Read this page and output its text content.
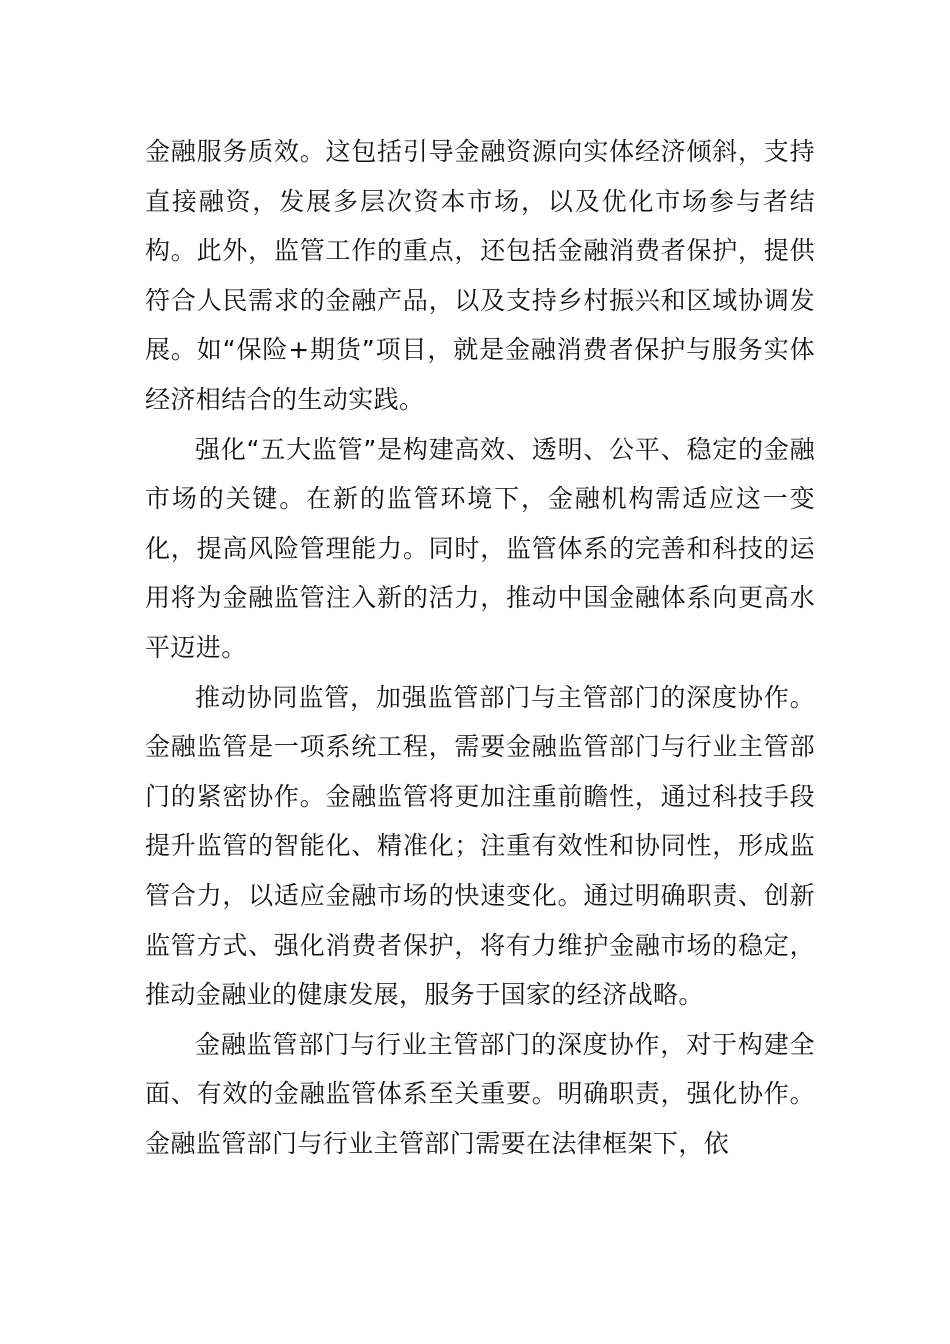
金融服务质效。这包括引导金融资源向实体经济倾斜，支持直接融资，发展多层次资本市场，以及优化市场参与者结构。此外，监管工作的重点，还包括金融消费者保护，提供符合人民需求的金融产品，以及支持乡村振兴和区域协调发展。如“保险+期货”项目，就是金融消费者保护与服务实体经济相结合的生动实践。

强化“五大监管”是构建高效、透明、公平、稳定的金融市场的关键。在新的监管环境下，金融机构需适应这一变化，提高风险管理能力。同时，监管体系的完善和科技的运用将为金融监管注入新的活力，推动中国金融体系向更高水平迈进。

推动协同监管，加强监管部门与主管部门的深度协作。金融监管是一项系统工程，需要金融监管部门与行业主管部门的紧密协作。金融监管将更加注重前瞻性，通过科技手段提升监管的智能化、精准化；注重有效性和协同性，形成监管合力，以适应金融市场的快速变化。通过明确职责、创新监管方式、强化消费者保护，将有力维护金融市场的稳定，推动金融业的健康发展，服务于国家的经济战略。

金融监管部门与行业主管部门的深度协作，对于构建全面、有效的金融监管体系至关重要。明确职责，强化协作。金融监管部门与行业主管部门需要在法律框架下，依
